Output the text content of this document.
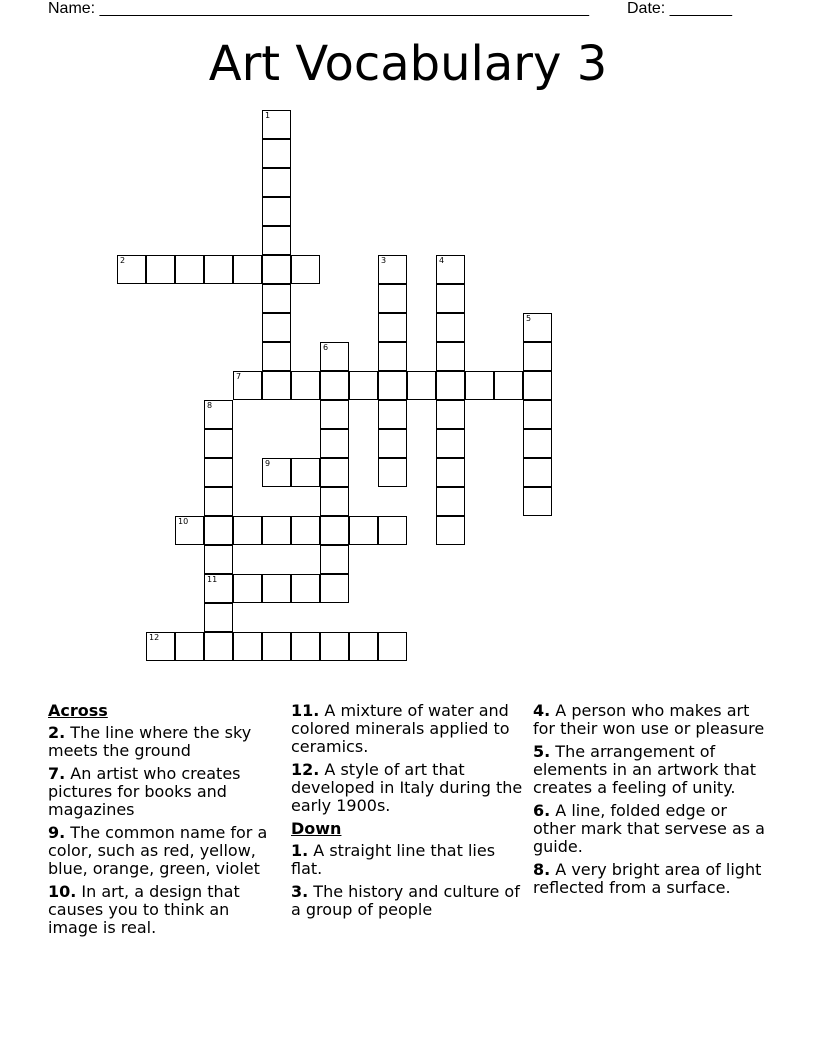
Name: _______________________________________________________ Date: _______
Art Vocabulary 3
1
2	3	4
5
6
7
8
9
10
11
12
Across
2. The line where the sky meets the ground
7. An artist who creates pictures for books and magazines
9. The common name for a color, such as red, yellow, blue, orange, green, violet
10. In art, a design that causes you to think an image is real.
11. A mixture of water and colored minerals applied to ceramics.
12. A style of art that developed in Italy during the early 1900s.
Down
1. A straight line that lies flat.
3. The history and culture of a group of people
4. A person who makes art for their won use or pleasure
5. The arrangement of elements in an artwork that creates a feeling of unity.
6. A line, folded edge or other mark that servese as a guide.
8. A very bright area of light reflected from a surface.
